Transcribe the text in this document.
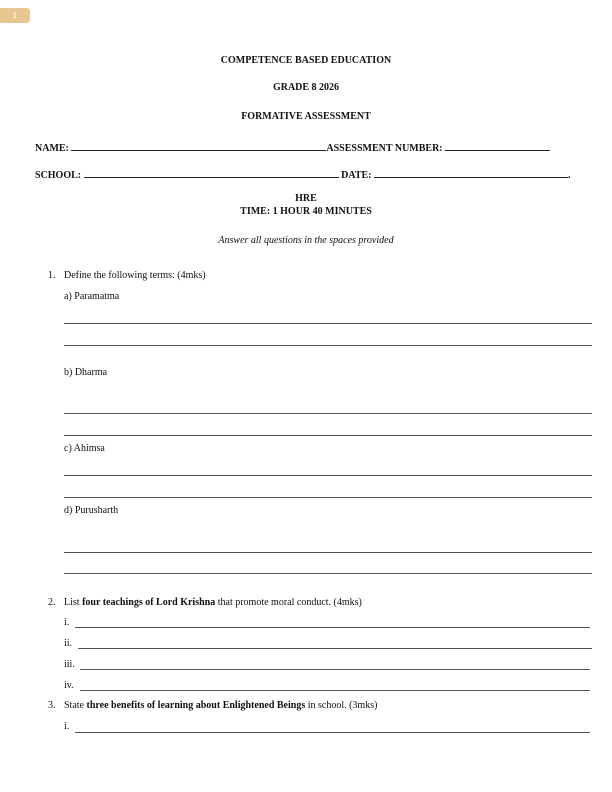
1
COMPETENCE BASED EDUCATION
GRADE 8 2026
FORMATIVE ASSESSMENT
NAME:	ASSESSMENT NUMBER:
SCHOOL:	DATE:	.
HRE
TIME: 1 HOUR 40 MINUTES
Answer all questions in the spaces provided
1. Define the following terms: (4mks)
a) Paramatma
b) Dharma
c) Ahimsa
d) Purusharth
2. List four teachings of Lord Krishna that promote moral conduct. (4mks)
i.
ii.
iii.
iv.
3. State three benefits of learning about Enlightened Beings in school. (3mks)
i.
